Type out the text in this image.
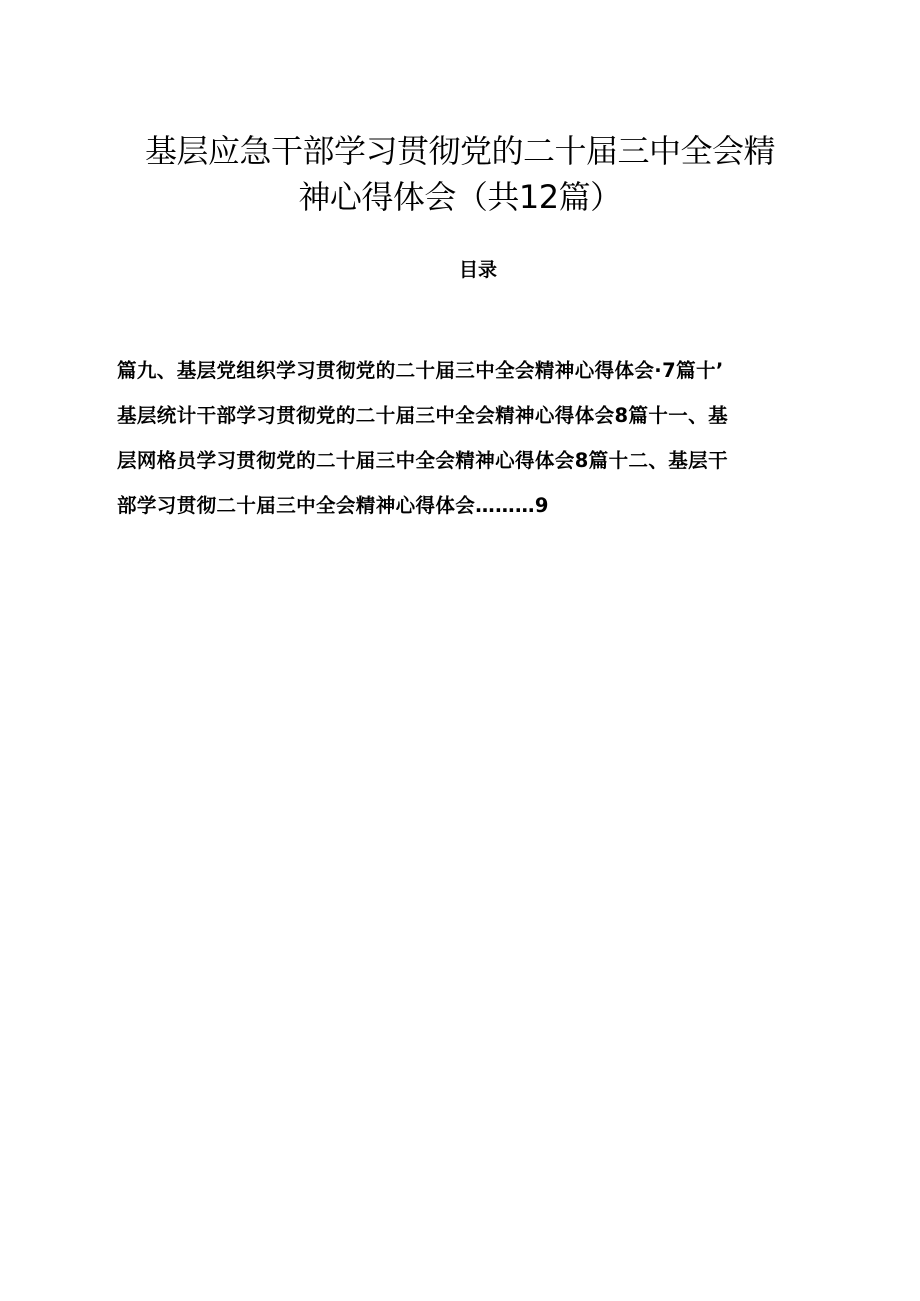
基层应急干部学习贯彻党的二十届三中全会精
神心得体会（共12篇）
目录
篇九、基层党组织学习贯彻党的二十届三中全会精神心得体会·7篇十’
基层统计干部学习贯彻党的二十届三中全会精神心得体会8篇十一、基
层网格员学习贯彻党的二十届三中全会精神心得体会8篇十二、基层干
部学习贯彻二十届三中全会精神心得体会………9
